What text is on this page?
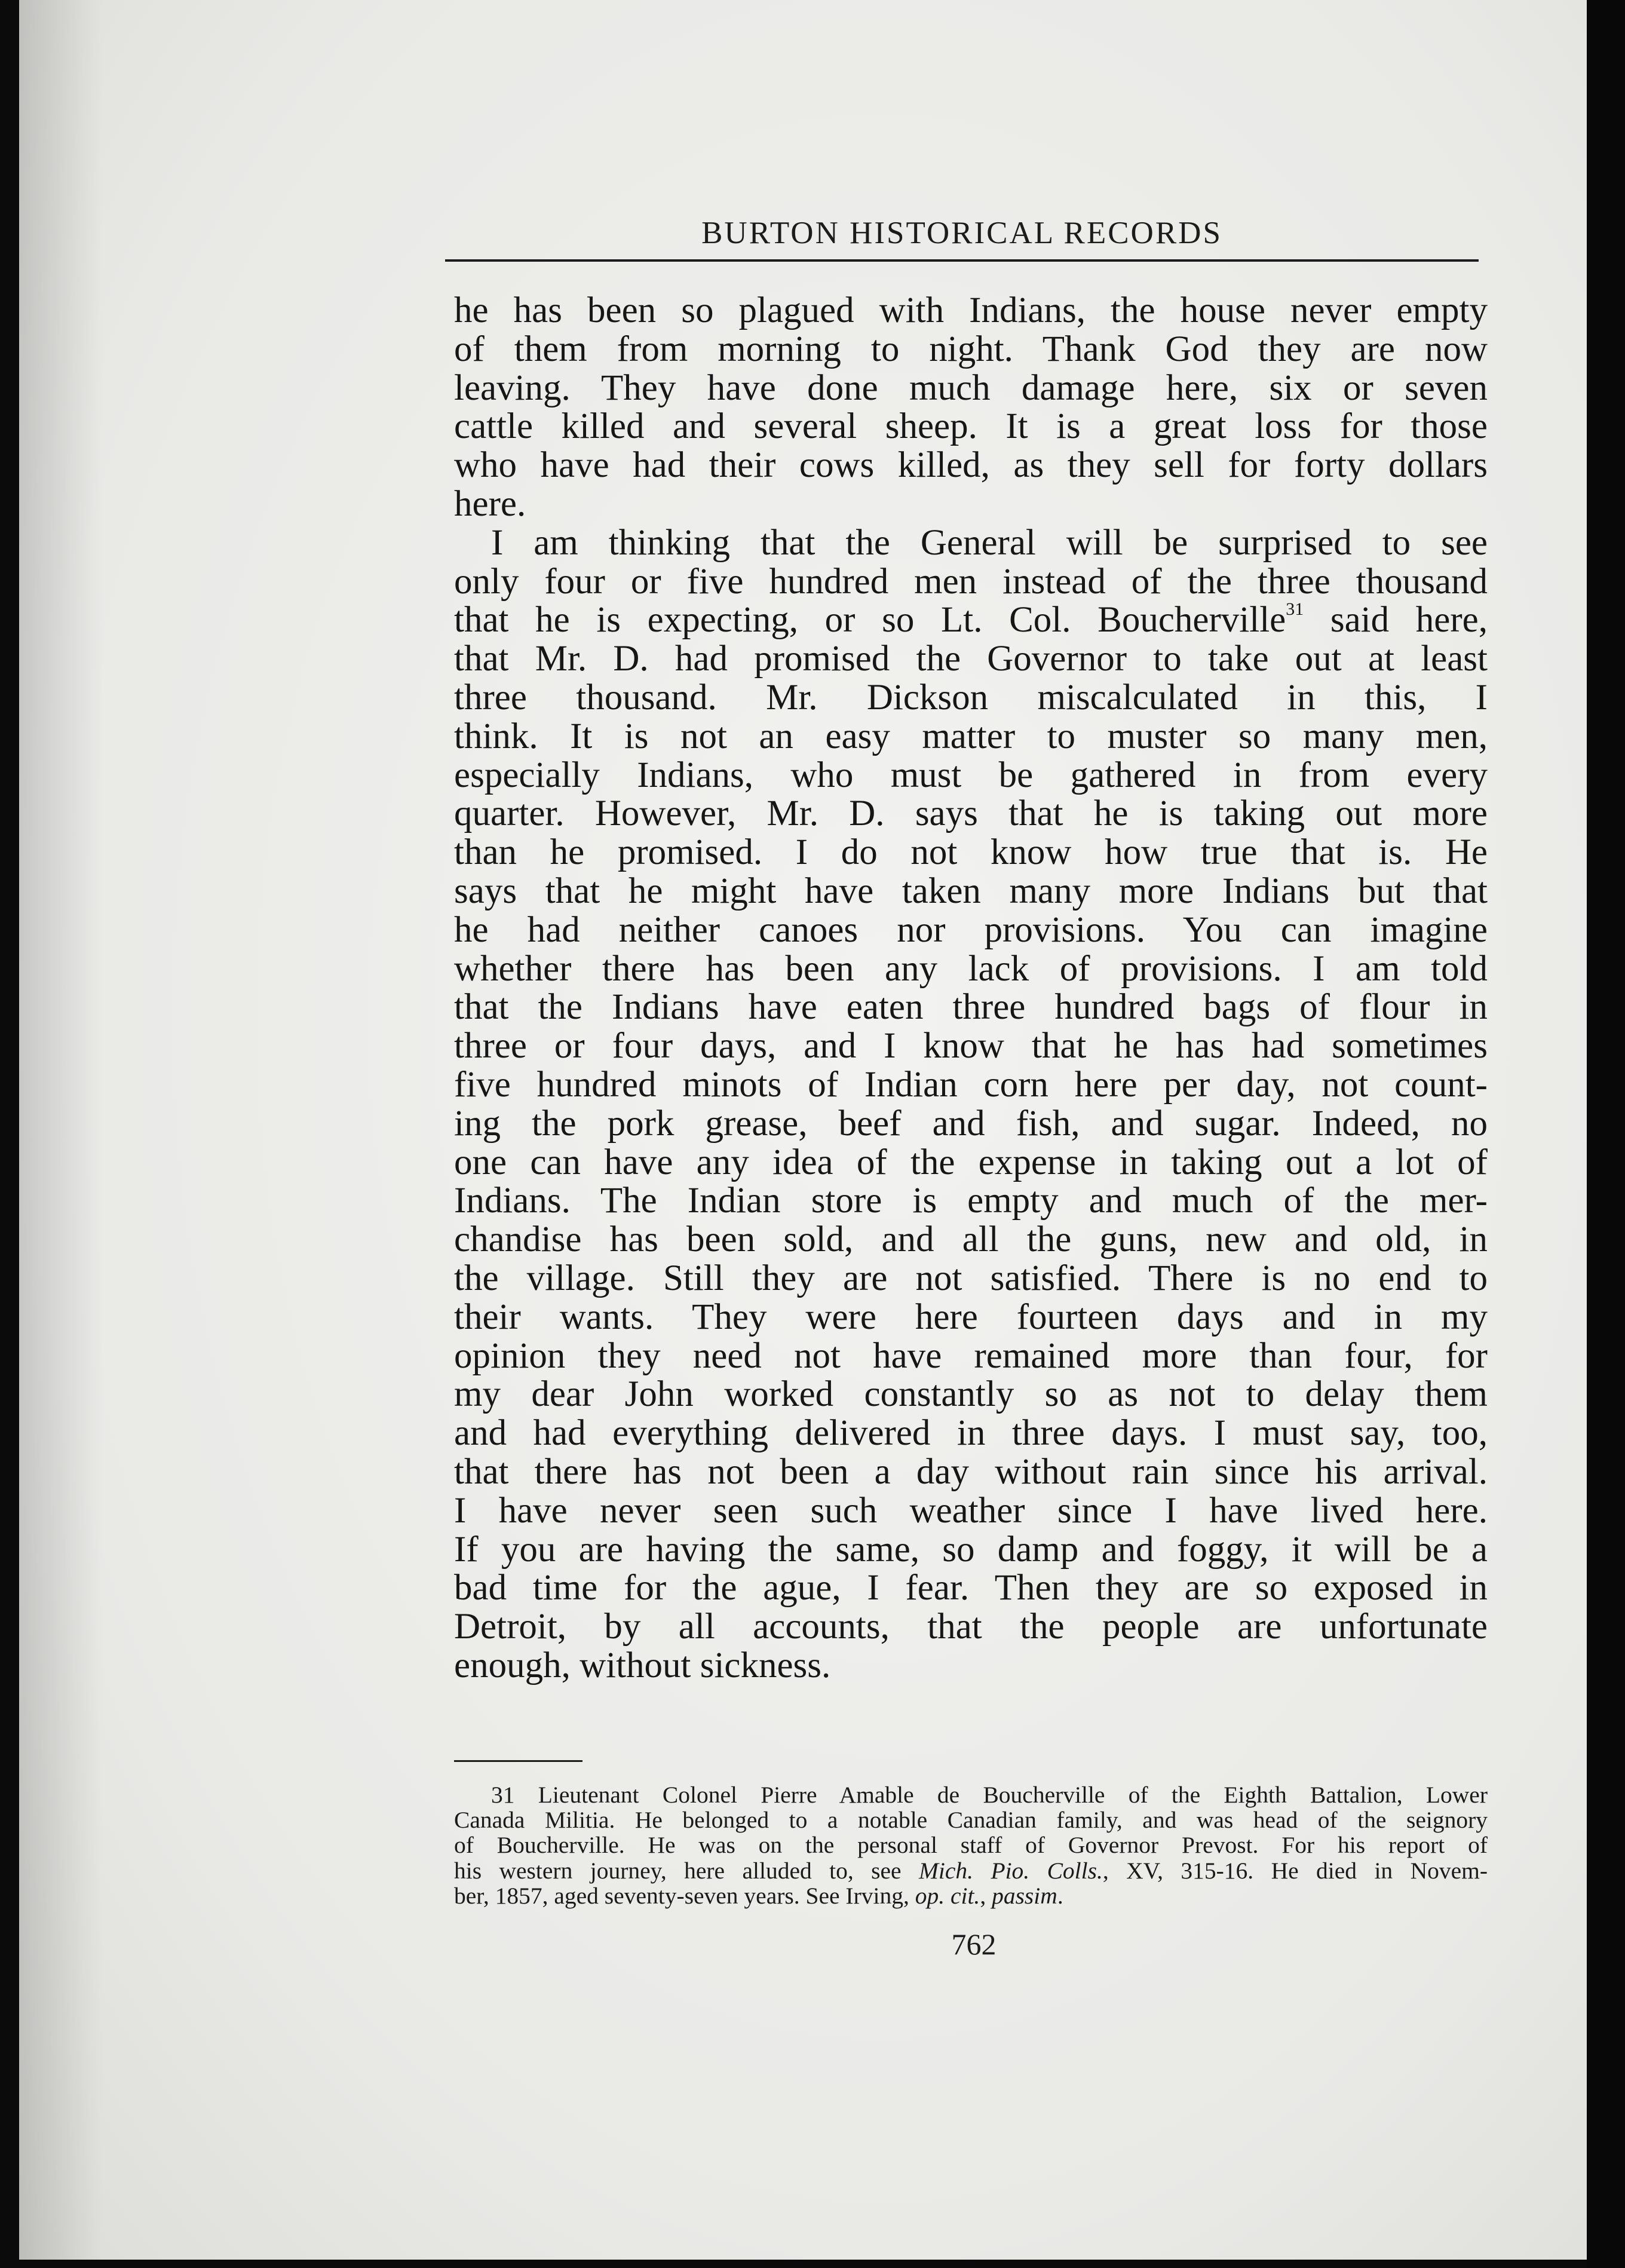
BURTON HISTORICAL RECORDS
he has been so plagued with Indians, the house never empty
of them from morning to night. Thank God they are now
leaving. They have done much damage here, six or seven
cattle killed and several sheep. It is a great loss for those
who have had their cows killed, as they sell for forty dollars
here.
I am thinking that the General will be surprised to see
only four or five hundred men instead of the three thousand
that he is expecting, or so Lt. Col. Boucherville$^{31}$ said here,
that Mr. D. had promised the Governor to take out at least
three thousand. Mr. Dickson miscalculated in this, I
think. It is not an easy matter to muster so many men,
especially Indians, who must be gathered in from every
quarter. However, Mr. D. says that he is taking out more
than he promised. I do not know how true that is. He
says that he might have taken many more Indians but that
he had neither canoes nor provisions. You can imagine
whether there has been any lack of provisions. I am told
that the Indians have eaten three hundred bags of flour in
three or four days, and I know that he has had sometimes
five hundred minots of Indian corn here per day, not count-
ing the pork grease, beef and fish, and sugar. Indeed, no
one can have any idea of the expense in taking out a lot of
Indians. The Indian store is empty and much of the mer-
chandise has been sold, and all the guns, new and old, in
the village. Still they are not satisfied. There is no end to
their wants. They were here fourteen days and in my
opinion they need not have remained more than four, for
my dear John worked constantly so as not to delay them
and had everything delivered in three days. I must say, too,
that there has not been a day without rain since his arrival.
I have never seen such weather since I have lived here.
If you are having the same, so damp and foggy, it will be a
bad time for the ague, I fear. Then they are so exposed in
Detroit, by all accounts, that the people are unfortunate
enough, without sickness.
31 Lieutenant Colonel Pierre Amable de Boucherville of the Eighth Battalion, Lower
Canada Militia. He belonged to a notable Canadian family, and was head of the seignory
of Boucherville. He was on the personal staff of Governor Prevost. For his report of
his western journey, here alluded to, see Mich. Pio. Colls., XV, 315-16. He died in Novem-
ber, 1857, aged seventy-seven years. See Irving, op. cit., passim.
762
